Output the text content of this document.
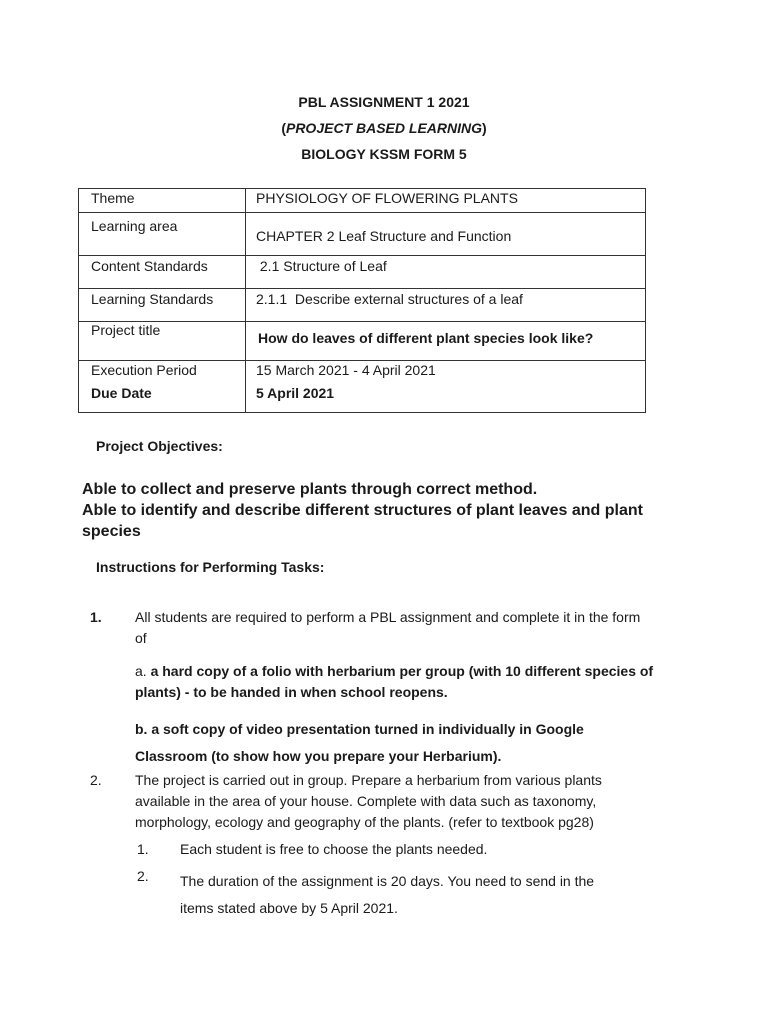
PBL ASSIGNMENT 1 2021
(PROJECT BASED LEARNING)
BIOLOGY KSSM FORM 5
Theme	PHYSIOLOGY OF FLOWERING PLANTS

Learning area	CHAPTER 2 Leaf Structure and Function

Content Standards	2.1 Structure of Leaf
Learning Standards	2.1.1  Describe external structures of a leaf

Project title	How do leaves of different plant species look like?

Execution Period	15 March 2021 - 4 April 2021
Due Date	5 April 2021
Project Objectives:
Able to collect and preserve plants through correct method.
Able to identify and describe different structures of plant leaves and plant species
Instructions for Performing Tasks:
1. All students are required to perform a PBL assignment and complete it in the form of
a. a hard copy of a folio with herbarium per group (with 10 different species of plants) - to be handed in when school reopens.
b. a soft copy of video presentation turned in individually in Google
Classroom (to show how you prepare your Herbarium).
2. The project is carried out in group. Prepare a herbarium from various plants available in the area of your house. Complete with data such as taxonomy, morphology, ecology and geography of the plants. (refer to textbook pg28)
1. Each student is free to choose the plants needed.
2. The duration of the assignment is 20 days. You need to send in the
items stated above by 5 April 2021.
